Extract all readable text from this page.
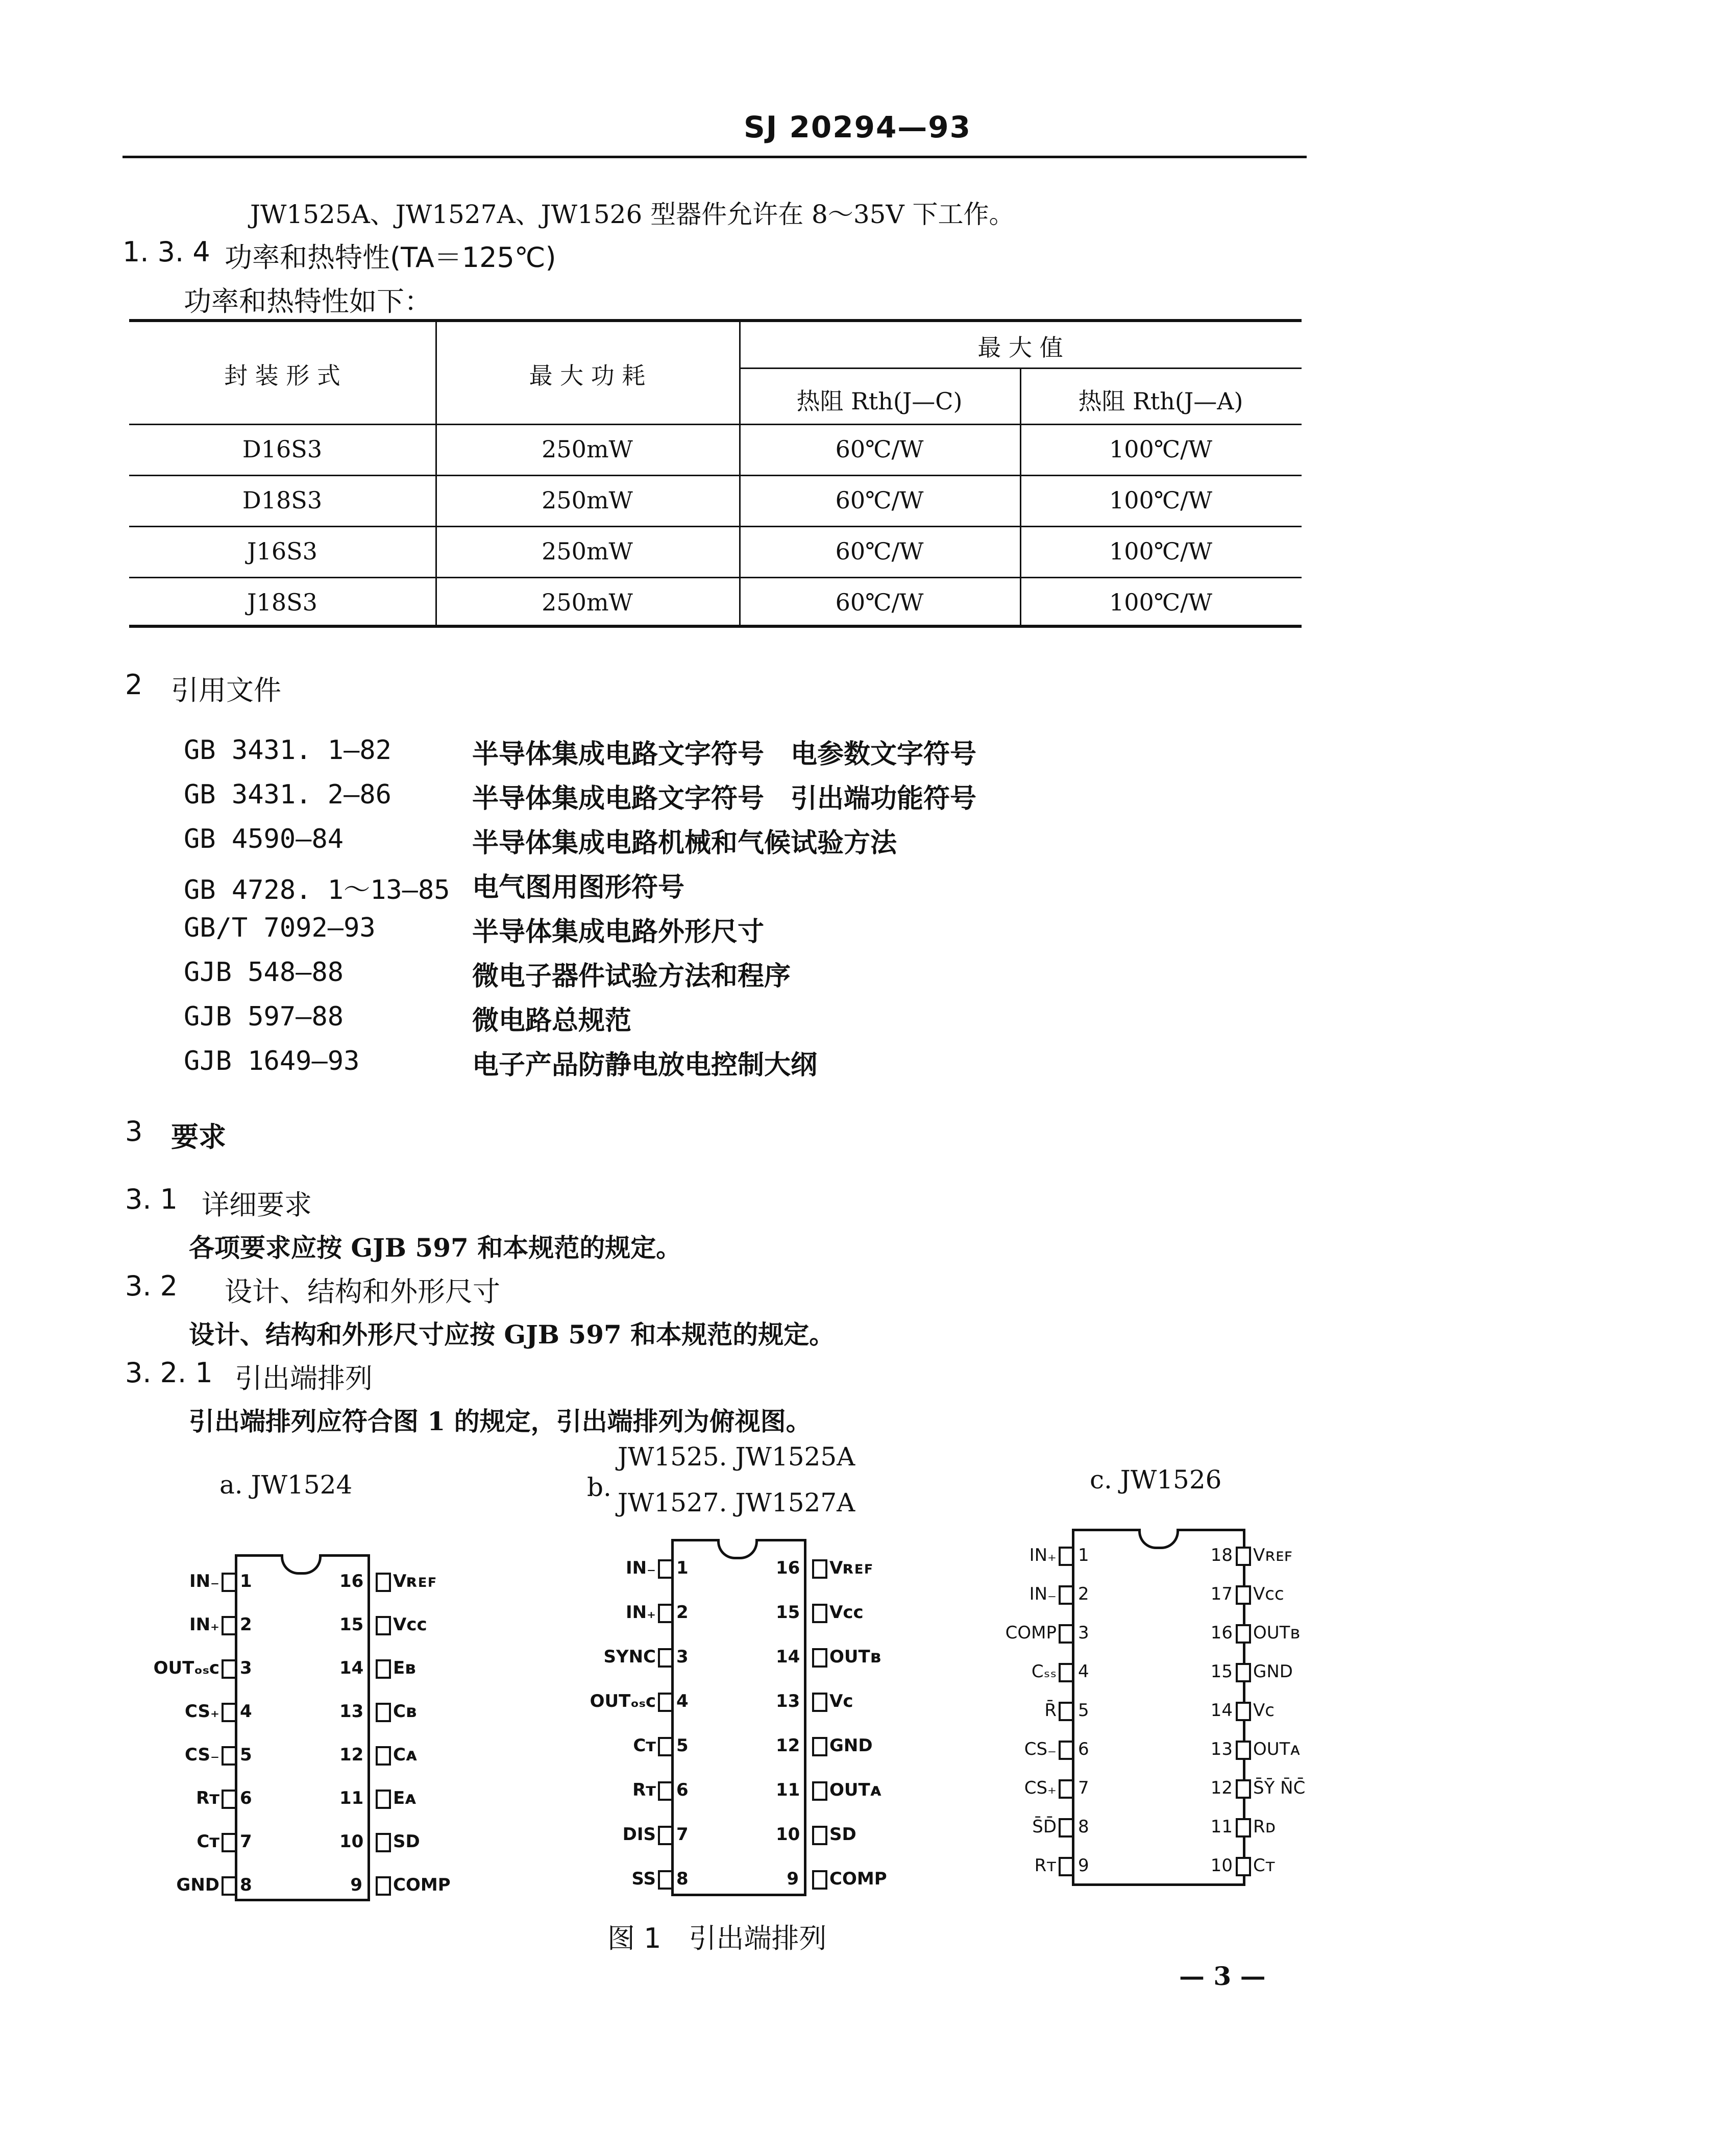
SJ 20294—93
JW1525A、JW1527A、JW1526 型器件允许在 8～35V 下工作。
1. 3. 4 功率和热特性(TA＝125℃)
功率和热特性如下：
封 装 形 式	最 大 功 耗
最 大 值
热阻 Rth(J—C)	热阻 Rth(J—A)
D16S3	250mW	60℃/W	100℃/W
D18S3	250mW	60℃/W	100℃/W
J16S3	250mW	60℃/W	100℃/W
J18S3	250mW	60℃/W	100℃/W
2 引用文件
GB 3431. 1—82	半导体集成电路文字符号　电参数文字符号
GB 3431. 2—86	半导体集成电路文字符号　引出端功能符号
GB 4590—84	半导体集成电路机械和气候试验方法
GB 4728. 1～13—85 电气图用图形符号
GB/T 7092—93	半导体集成电路外形尺寸
GJB 548—88	微电子器件试验方法和程序
GJB 597—88	微电路总规范
GJB 1649—93	电子产品防静电放电控制大纲
3 要求
3. 1 详细要求
各项要求应按 GJB 597 和本规范的规定。
3. 2 设计、结构和外形尺寸
设计、结构和外形尺寸应按 GJB 597 和本规范的规定。
3. 2. 1 引出端排列
引出端排列应符合图 1 的规定，引出端排列为俯视图。
a. JW1524
1
2
3
4
5
6
7
8
16
15
14
13
12
11
10
9
IN₋
IN₊
OUTₒₛc
CS₊
CS₋
Rᴛ
Cᴛ
GND
Vʀᴇꜰ
Vᴄᴄ
Eʙ
Cʙ
Cᴀ
Eᴀ
SD
COMP
b.
JW1525. JW1525A
JW1527. JW1527A
1
2
3
4
5
6
7
8
16
15
14
13
12
11
10
9
IN₋
IN₊
SYNC
OUTₒₛc
Cᴛ
Rᴛ
DIS
SS
Vʀᴇꜰ
Vᴄᴄ
OUTʙ
Vᴄ
GND
OUTᴀ
SD
COMP
c. JW1526
1
2
3
4
5
6
7
8
9
18
17
16
15
14
13
12
11
10
IN₊
IN₋
COMP
Cₛₛ
R̄
CS₋
CS₊
S̄D̄
Rᴛ
Vʀᴇꜰ
Vᴄᴄ
OUTʙ
GND
Vᴄ
OUTᴀ
S̄Ȳ N̄C̄
Rᴅ
Cᴛ
图 1　引出端排列
— 3 —
